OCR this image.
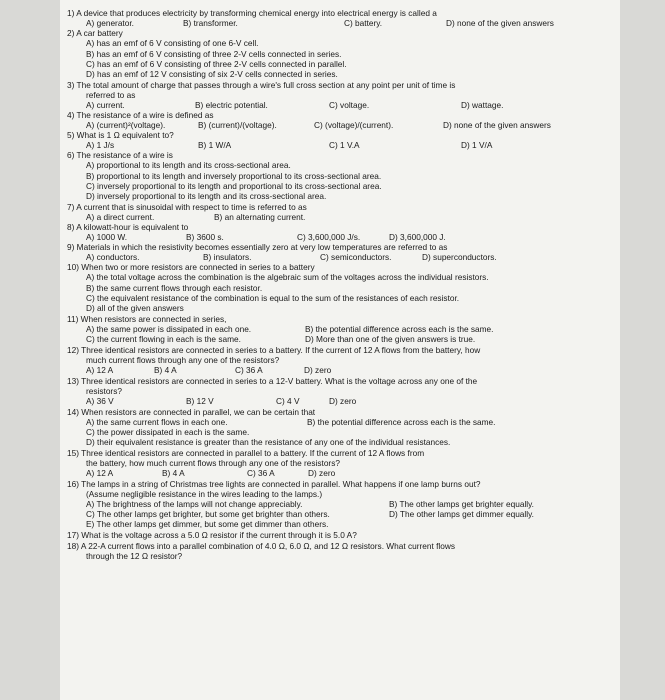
1) A device that produces electricity by transforming chemical energy into electrical energy is called a
A) generator.	B) transformer.	C) battery.	D) none of the given answers
2) A car battery
A) has an emf of 6 V consisting of one 6-V cell.
B) has an emf of 6 V consisting of three 2-V cells connected in series.
C) has an emf of 6 V consisting of three 2-V cells connected in parallel.
D) has an emf of 12 V consisting of six 2-V cells connected in series.
3) The total amount of charge that passes through a wire's full cross section at any point per unit of time is
referred to as
A) current.	B) electric potential.	C) voltage.	D) wattage.
4) The resistance of a wire is defined as
A) (current)²(voltage).	B) (current)/(voltage).	C) (voltage)/(current).	D) none of the given answers
5) What is 1 Ω equivalent to?
A) 1 J/s	B) 1 W/A	C) 1 V.A	D) 1 V/A
6) The resistance of a wire is
A) proportional to its length and its cross-sectional area.
B) proportional to its length and inversely proportional to its cross-sectional area.
C) inversely proportional to its length and proportional to its cross-sectional area.
D) inversely proportional to its length and its cross-sectional area.
7) A current that is sinusoidal with respect to time is referred to as
A) a direct current.	B) an alternating current.
8) A kilowatt-hour is equivalent to
A) 1000 W.	B) 3600 s.	C) 3,600,000 J/s.	D) 3,600,000 J.
9) Materials in which the resistivity becomes essentially zero at very low temperatures are referred to as
A) conductors.	B) insulators.	C) semiconductors.	D) superconductors.
10) When two or more resistors are connected in series to a battery
A) the total voltage across the combination is the algebraic sum of the voltages across the individual resistors.
B) the same current flows through each resistor.
C) the equivalent resistance of the combination is equal to the sum of the resistances of each resistor.
D) all of the given answers
11) When resistors are connected in series,
A) the same power is dissipated in each one.	B) the potential difference across each is the same.
C) the current flowing in each is the same.	D) More than one of the given answers is true.
12) Three identical resistors are connected in series to a battery. If the current of 12 A flows from the battery, how
much current flows through any one of the resistors?
A) 12 A	B) 4 A	C) 36 A	D) zero
13) Three identical resistors are connected in series to a 12-V battery. What is the voltage across any one of the
resistors?
A) 36 V	B) 12 V	C) 4 V	D) zero
14) When resistors are connected in parallel, we can be certain that
A) the same current flows in each one.	B) the potential difference across each is the same.
C) the power dissipated in each is the same.
D) their equivalent resistance is greater than the resistance of any one of the individual resistances.
15) Three identical resistors are connected in parallel to a battery. If the current of 12 A flows from
the battery, how much current flows through any one of the resistors?
A) 12 A	B) 4 A	C) 36 A	D) zero
16) The lamps in a string of Christmas tree lights are connected in parallel. What happens if one lamp burns out?
(Assume negligible resistance in the wires leading to the lamps.)
A) The brightness of the lamps will not change appreciably.	B) The other lamps get brighter equally.
C) The other lamps get brighter, but some get brighter than others.	D) The other lamps get dimmer equally.
E) The other lamps get dimmer, but some get dimmer than others.
17) What is the voltage across a 5.0 Ω resistor if the current through it is 5.0 A?
18) A 22-A current flows into a parallel combination of 4.0 Ω, 6.0 Ω, and 12 Ω resistors. What current flows
through the 12 Ω resistor?
